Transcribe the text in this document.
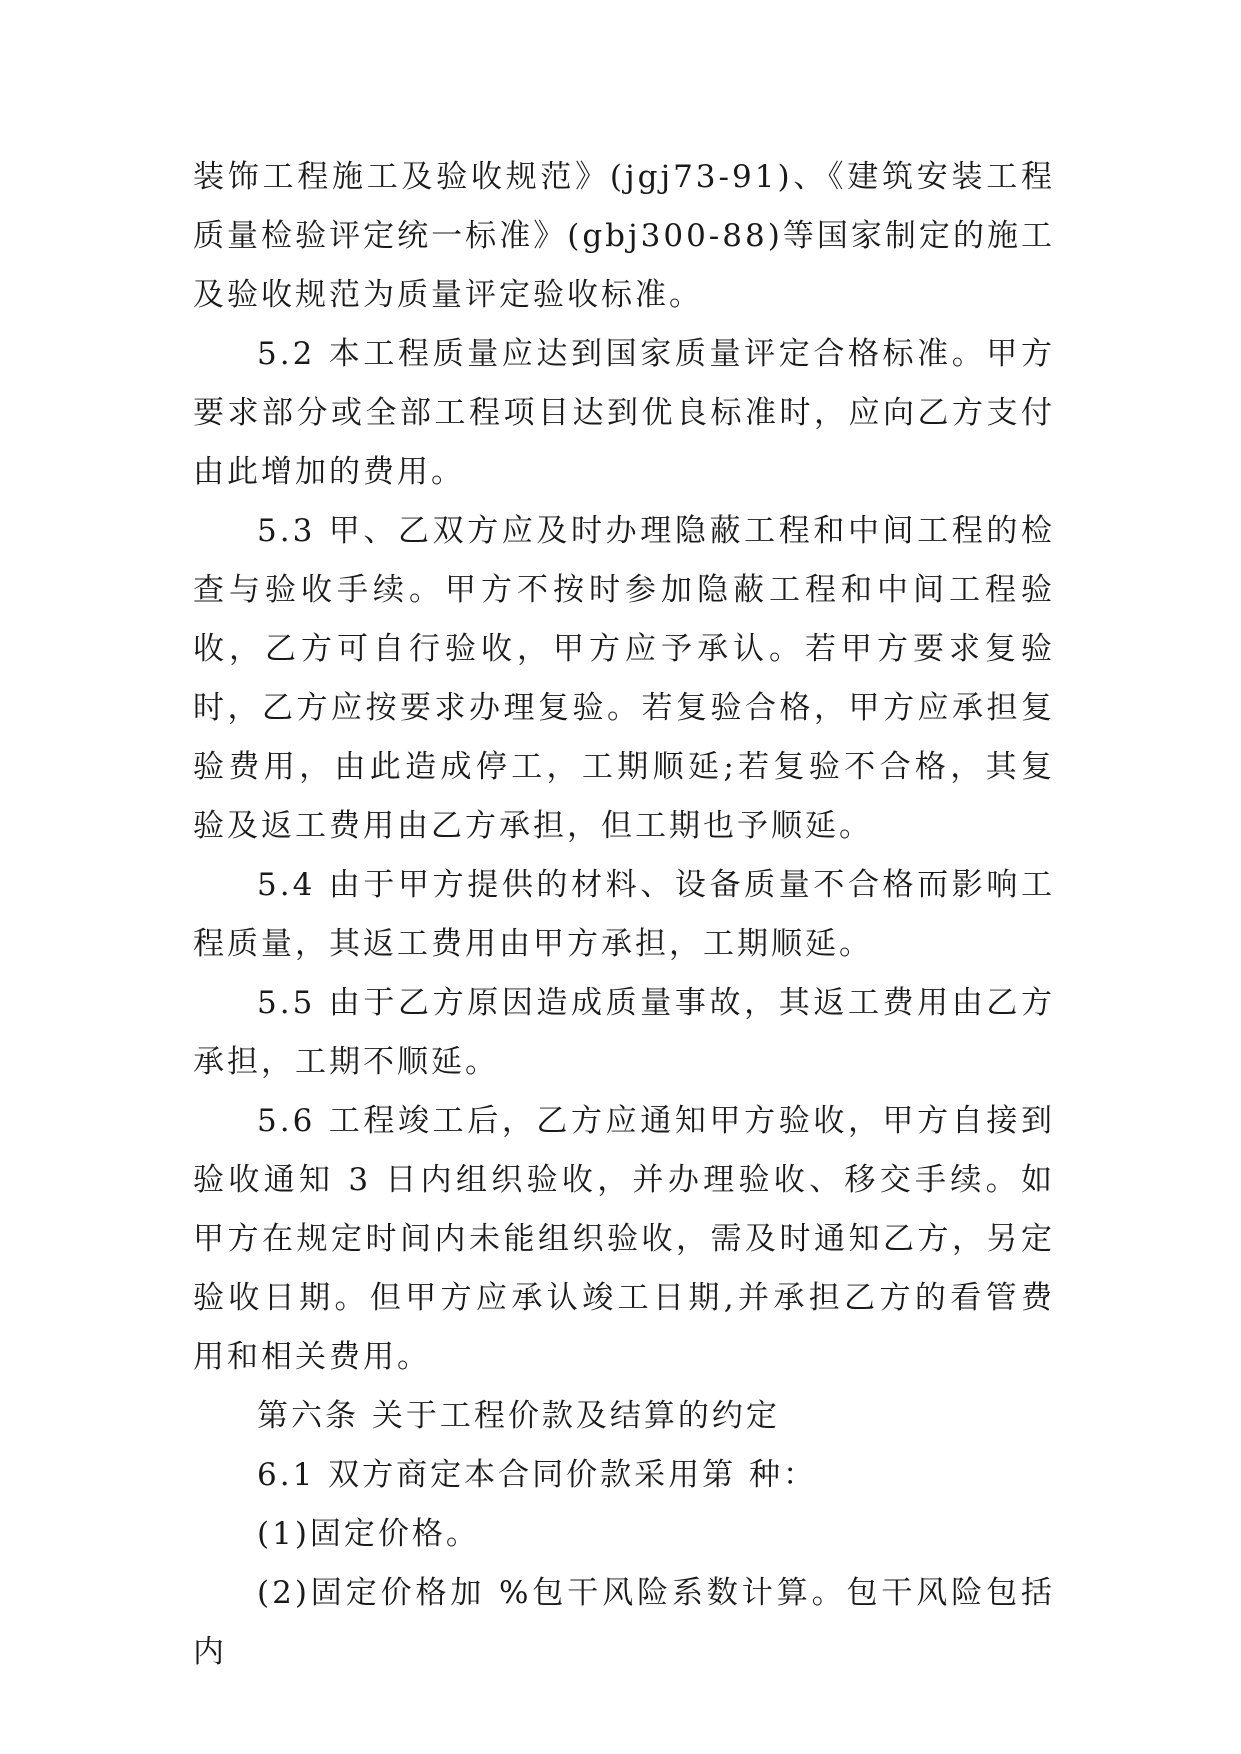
装饰工程施工及验收规范》(jgj73-91)、《建筑安装工程质量检验评定统一标准》(gbj300-88)等国家制定的施工及验收规范为质量评定验收标准。

5.2 本工程质量应达到国家质量评定合格标准。甲方要求部分或全部工程项目达到优良标准时，应向乙方支付由此增加的费用。

5.3 甲、乙双方应及时办理隐蔽工程和中间工程的检查与验收手续。甲方不按时参加隐蔽工程和中间工程验收，乙方可自行验收，甲方应予承认。若甲方要求复验时，乙方应按要求办理复验。若复验合格，甲方应承担复验费用，由此造成停工，工期顺延;若复验不合格，其复验及返工费用由乙方承担，但工期也予顺延。

5.4 由于甲方提供的材料、设备质量不合格而影响工程质量，其返工费用由甲方承担，工期顺延。

5.5 由于乙方原因造成质量事故，其返工费用由乙方承担，工期不顺延。

5.6 工程竣工后，乙方应通知甲方验收，甲方自接到验收通知 3 日内组织验收，并办理验收、移交手续。如甲方在规定时间内未能组织验收，需及时通知乙方，另定验收日期。但甲方应承认竣工日期,并承担乙方的看管费用和相关费用。

第六条 关于工程价款及结算的约定

6.1 双方商定本合同价款采用第 种：

(1)固定价格。

(2)固定价格加 %包干风险系数计算。包干风险包括 内
